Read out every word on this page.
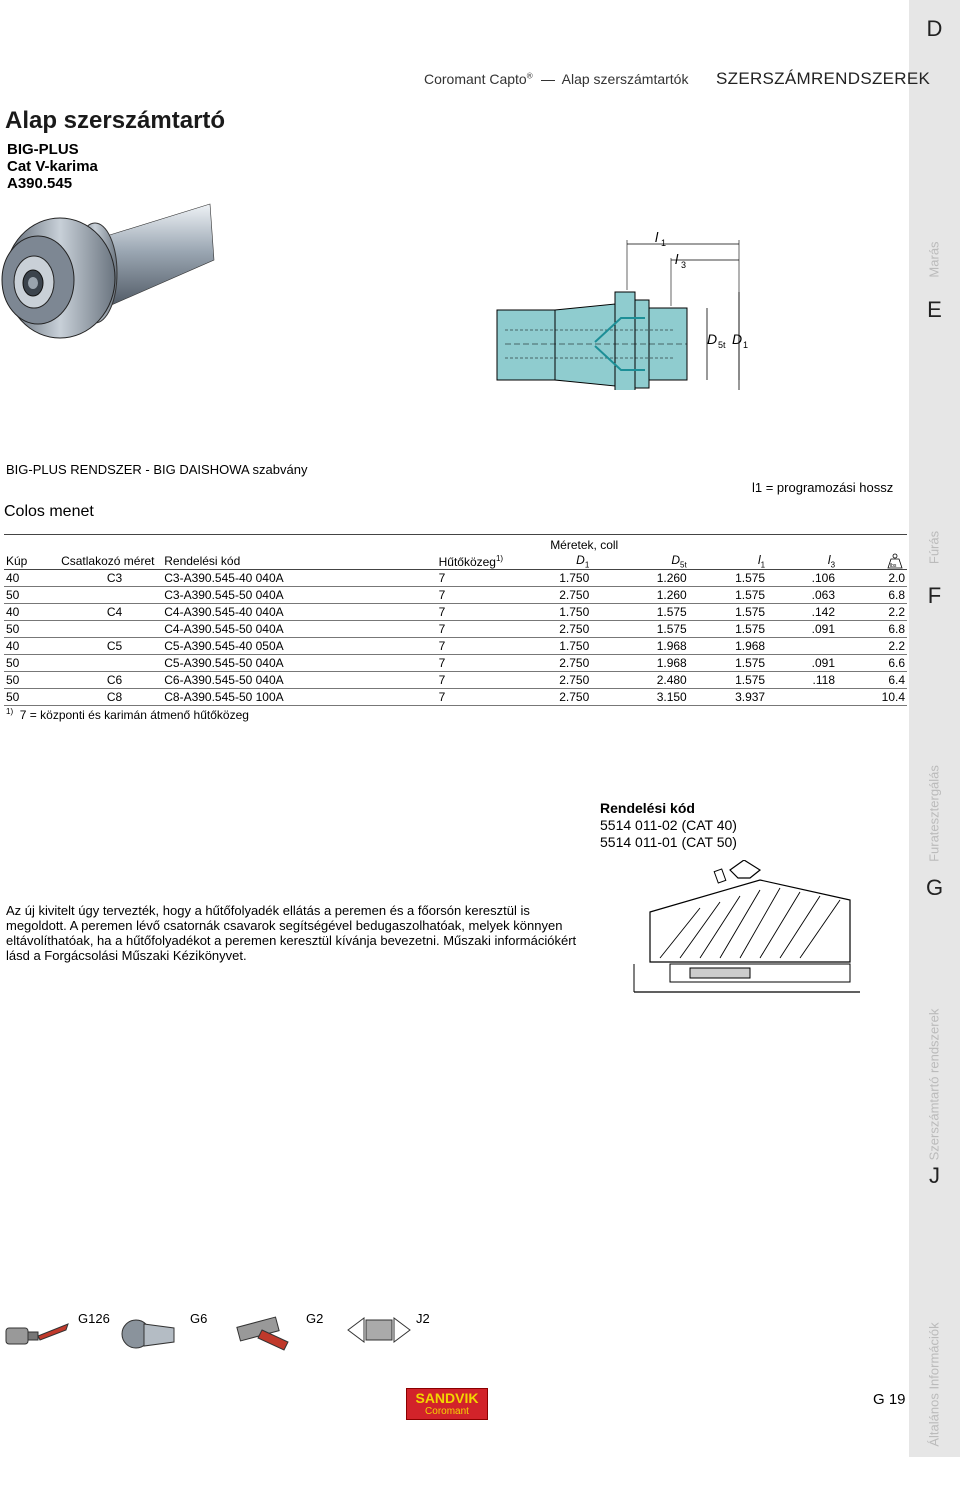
D
Marás
E
Fúrás
F
Furatesztergálás
G
Szerszámtartó rendszerek
J
Általános Információk
Coromant Capto® Alap szerszámtartók SZERSZÁMRENDSZEREK
Alap szerszámtartó
BIG-PLUS
Cat V-karima
A390.545
l 1
l 3
D 5t D 1
BIG-PLUS RENDSZER - BIG DAISHOWA szabvány
l1 = programozási hossz
Colos menet
				Méretek, coll				
Kúp	Csatlakozó méret	Rendelési kód	Hűtőközeg$^{1)}$	$D_1$	$D_{5t}$	$l_1$	$l_3$	lbs

40	C3	C3-A390.545-40 040A	7	1.750	1.260	1.575	.106	2.0
50		C3-A390.545-50 040A	7	2.750	1.260	1.575	.063	6.8
40	C4	C4-A390.545-40 040A	7	1.750	1.575	1.575	.142	2.2
50		C4-A390.545-50 040A	7	2.750	1.575	1.575	.091	6.8
40	C5	C5-A390.545-40 050A	7	1.750	1.968	1.968		2.2
50		C5-A390.545-50 040A	7	2.750	1.968	1.575	.091	6.6
50	C6	C6-A390.545-50 040A	7	2.750	2.480	1.575	.118	6.4
50	C8	C8-A390.545-50 100A	7	2.750	3.150	3.937		10.4
$^{1)}$ 7 = központi és karimán átmenő hűtőközeg
Rendelési kód
5514 011-02 (CAT 40)
5514 011-01 (CAT 50)
Az új kivitelt úgy tervezték, hogy a hűtőfolyadék ellátás a peremen és a főorsón keresztül is megoldott. A peremen lévő csatornák csavarok segítségével bedugaszolhatóak, melyek könnyen eltávolíthatóak, ha a hűtőfolyadékot a peremen keresztül kívánja bevezetni. Műszaki információkért lásd a Forgácsolási Műszaki Kézikönyvet.
G126	G6	G2	J2
SANDVIK
Coromant
G 19
